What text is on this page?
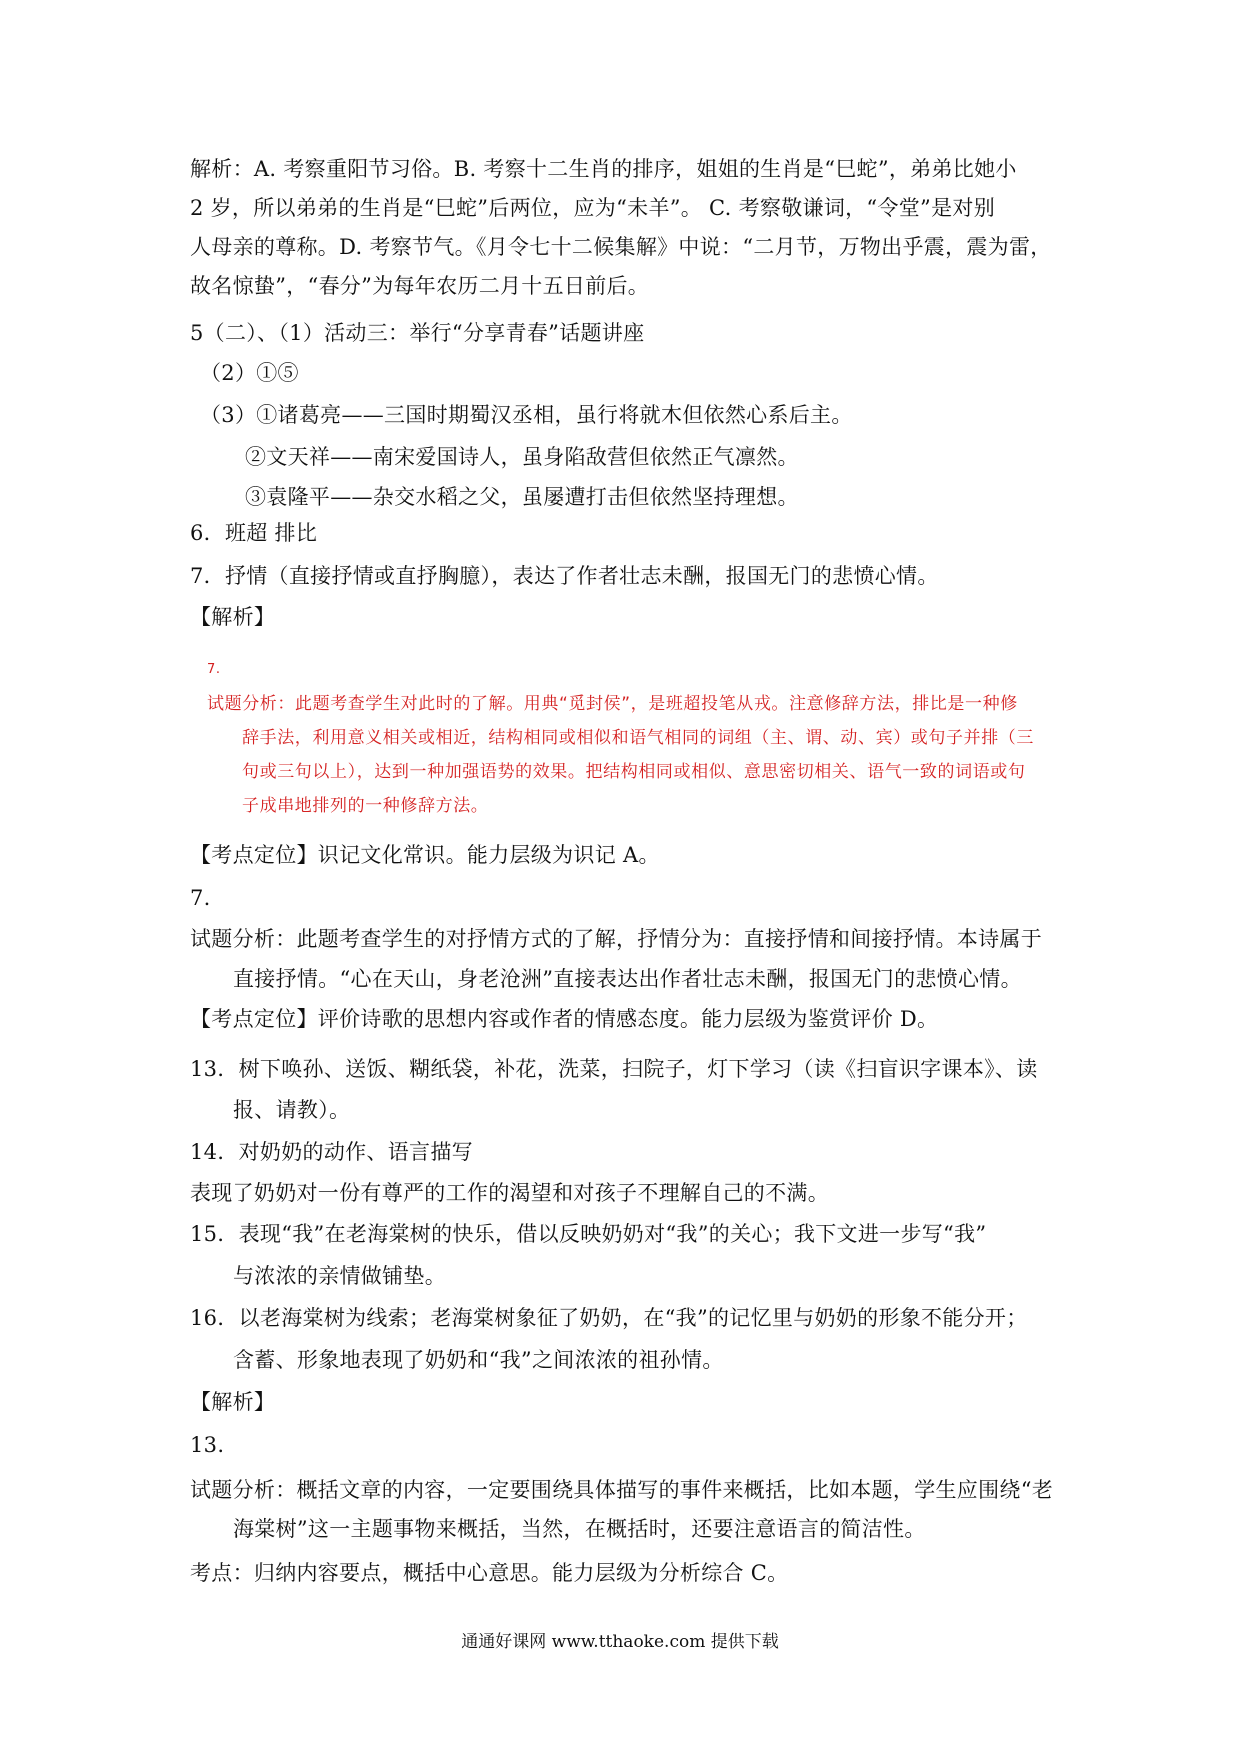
解析：A. 考察重阳节习俗。B. 考察十二生肖的排序，姐姐的生肖是“巳蛇”，弟弟比她小
2 岁，所以弟弟的生肖是“巳蛇”后两位，应为“未羊”。 C. 考察敬谦词，“令堂”是对别
人母亲的尊称。D. 考察节气。《月令七十二候集解》中说：“二月节，万物出乎震，震为雷，
故名惊蛰”，“春分”为每年农历二月十五日前后。
5（二）、（1）活动三：举行“分享青春”话题讲座
（2）①⑤
（3）①诸葛亮——三国时期蜀汉丞相，虽行将就木但依然心系后主。
②文天祥——南宋爱国诗人，虽身陷敌营但依然正气凛然。
③袁隆平——杂交水稻之父，虽屡遭打击但依然坚持理想。
6．班超 排比
7．抒情（直接抒情或直抒胸臆），表达了作者壮志未酬，报国无门的悲愤心情。
【解析】
7.
试题分析：此题考查学生对此时的了解。用典“觅封侯”，是班超投笔从戎。注意修辞方法，排比是一种修
辞手法，利用意义相关或相近，结构相同或相似和语气相同的词组（主、谓、动、宾）或句子并排（三
句或三句以上），达到一种加强语势的效果。把结构相同或相似、意思密切相关、语气一致的词语或句
子成串地排列的一种修辞方法。
【考点定位】识记文化常识。能力层级为识记 A。
7.
试题分析：此题考查学生的对抒情方式的了解，抒情分为：直接抒情和间接抒情。本诗属于
直接抒情。“心在天山，身老沧洲”直接表达出作者壮志未酬，报国无门的悲愤心情。
【考点定位】评价诗歌的思想内容或作者的情感态度。能力层级为鉴赏评价 D。
13．树下唤孙、送饭、糊纸袋，补花，洗菜，扫院子，灯下学习（读《扫盲识字课本》、读
报、请教）。
14．对奶奶的动作、语言描写
表现了奶奶对一份有尊严的工作的渴望和对孩子不理解自己的不满。
15．表现“我”在老海棠树的快乐，借以反映奶奶对“我”的关心；我下文进一步写“我”
与浓浓的亲情做铺垫。
16．以老海棠树为线索；老海棠树象征了奶奶，在“我”的记忆里与奶奶的形象不能分开；
含蓄、形象地表现了奶奶和“我”之间浓浓的祖孙情。
【解析】
13.
试题分析：概括文章的内容，一定要围绕具体描写的事件来概括，比如本题，学生应围绕“老
海棠树”这一主题事物来概括，当然，在概括时，还要注意语言的简洁性。
考点：归纳内容要点，概括中心意思。能力层级为分析综合 C。
通通好课网 www.tthaoke.com 提供下载
